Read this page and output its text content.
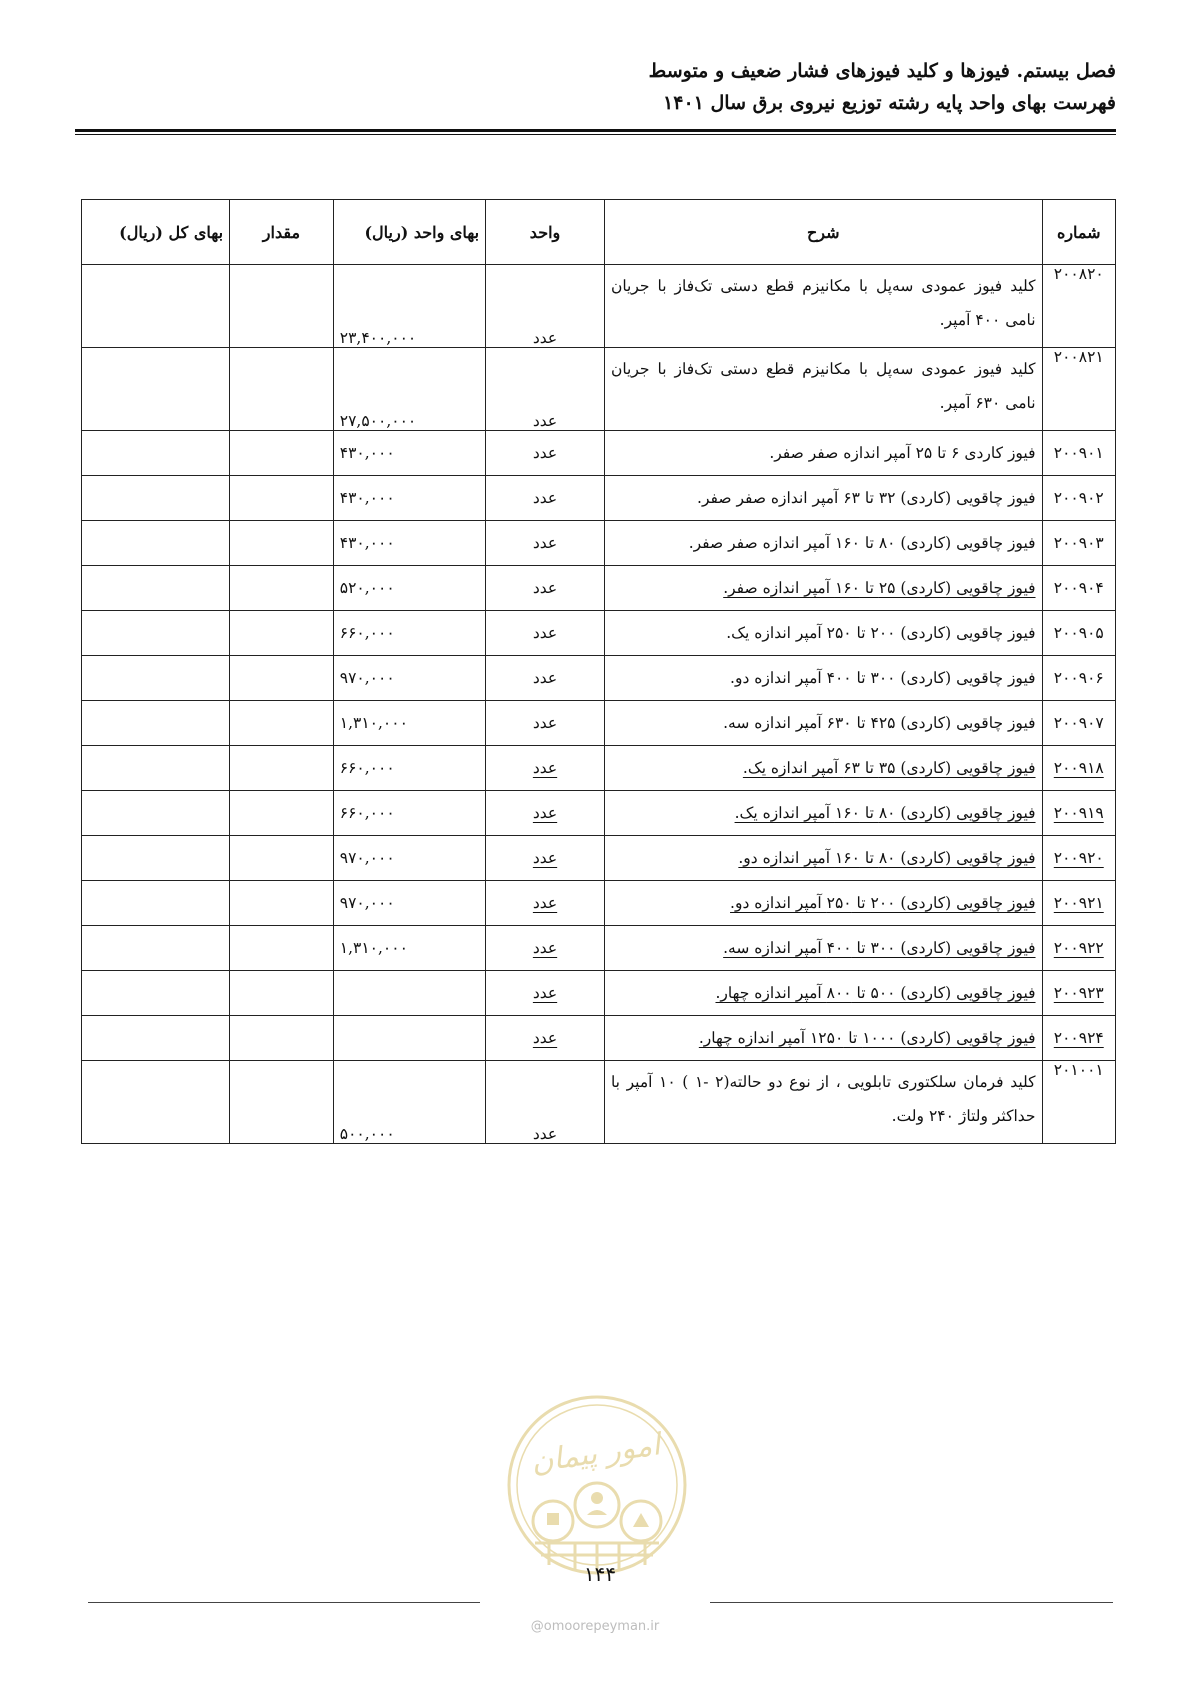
فصل بیستم. فیوزها و کلید فیوزهای فشار ضعیف و متوسط
فهرست بهای واحد پایه رشته توزیع نیروی برق سال ۱۴۰۱
شماره	شرح	واحد	بهای واحد (ریال)	مقدار	بهای کل (ریال)
۲۰۰۸۲۰	کلید فیوز عمودی سه‌پل با مکانیزم قطع دستی تک‌فاز با جریان نامی ۴۰۰ آمپر.	عدد	۲۳,۴۰۰,۰۰۰		
۲۰۰۸۲۱	کلید فیوز عمودی سه‌پل با مکانیزم قطع دستی تک‌فاز با جریان نامی ۶۳۰ آمپر.	عدد	۲۷,۵۰۰,۰۰۰		
۲۰۰۹۰۱	فیوز کاردی ۶ تا ۲۵ آمپر اندازه صفر صفر.	عدد	۴۳۰,۰۰۰		
۲۰۰۹۰۲	فیوز چاقویی (کاردی) ۳۲ تا ۶۳ آمپر اندازه صفر صفر.	عدد	۴۳۰,۰۰۰		
۲۰۰۹۰۳	فیوز چاقویی (کاردی) ۸۰ تا ۱۶۰ آمپر اندازه صفر صفر.	عدد	۴۳۰,۰۰۰		
۲۰۰۹۰۴	فیوز چاقویی (کاردی) ۲۵ تا ۱۶۰ آمپر اندازه صفر.	عدد	۵۲۰,۰۰۰		
۲۰۰۹۰۵	فیوز چاقویی (کاردی) ۲۰۰ تا ۲۵۰ آمپر اندازه یک.	عدد	۶۶۰,۰۰۰		
۲۰۰۹۰۶	فیوز چاقویی (کاردی) ۳۰۰ تا ۴۰۰ آمپر اندازه دو.	عدد	۹۷۰,۰۰۰		
۲۰۰۹۰۷	فیوز چاقویی (کاردی) ۴۲۵ تا ۶۳۰ آمپر اندازه سه.	عدد	۱,۳۱۰,۰۰۰		
۲۰۰۹۱۸	فیوز چاقویی (کاردی) ۳۵ تا ۶۳ آمپر اندازه یک.	عدد	۶۶۰,۰۰۰		
۲۰۰۹۱۹	فیوز چاقویی (کاردی) ۸۰ تا ۱۶۰ آمپر اندازه یک.	عدد	۶۶۰,۰۰۰		
۲۰۰۹۲۰	فیوز چاقویی (کاردی) ۸۰ تا ۱۶۰ آمپر اندازه دو.	عدد	۹۷۰,۰۰۰		
۲۰۰۹۲۱	فیوز چاقویی (کاردی) ۲۰۰ تا ۲۵۰ آمپر اندازه دو.	عدد	۹۷۰,۰۰۰		
۲۰۰۹۲۲	فیوز چاقویی (کاردی) ۳۰۰ تا ۴۰۰ آمپر اندازه سه.	عدد	۱,۳۱۰,۰۰۰		
۲۰۰۹۲۳	فیوز چاقویی (کاردی) ۵۰۰ تا ۸۰۰ آمپر اندازه چهار.	عدد			
۲۰۰۹۲۴	فیوز چاقویی (کاردی) ۱۰۰۰ تا ۱۲۵۰ آمپر اندازه چهار.	عدد			
۲۰۱۰۰۱	کلید فرمان سلکتوری تابلویی ، از نوع دو حالته(۲ -۱ ) ۱۰ آمپر با حداکثر ولتاژ ۲۴۰ ولت.	عدد	۵۰۰,۰۰۰		
امور پیمان
۱۴۴
@omoorepeyman.ir
